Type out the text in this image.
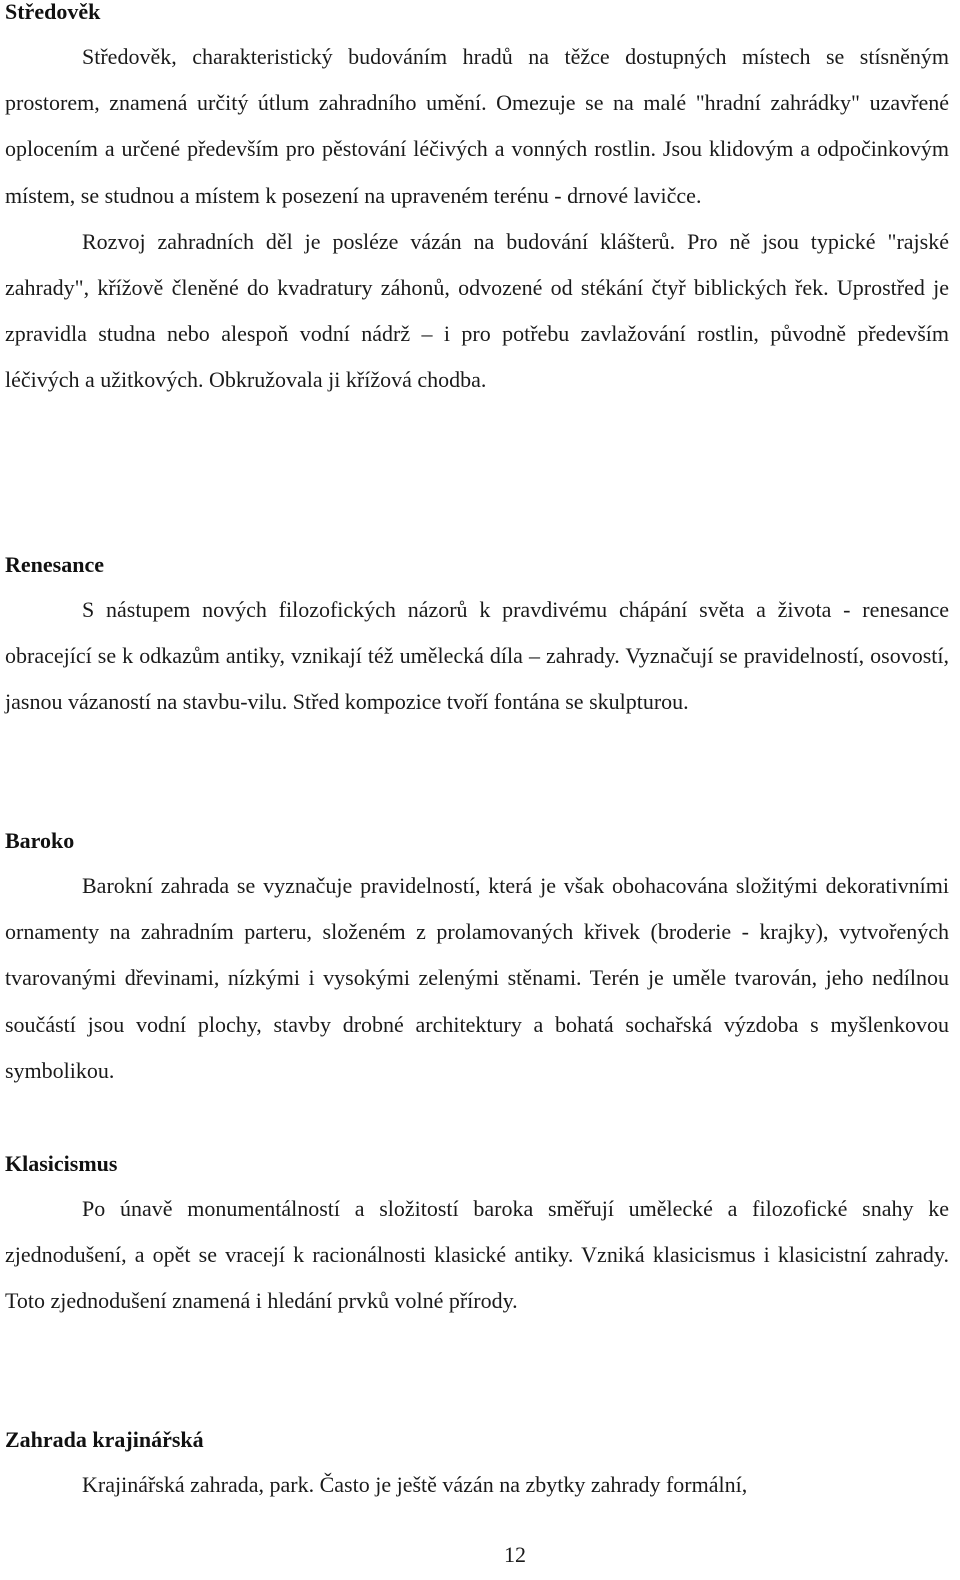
Středověk

Středověk, charakteristický budováním hradů na těžce dostupných místech se stísněným prostorem, znamená určitý útlum zahradního umění. Omezuje se na malé "hradní zahrádky" uzavřené oplocením a určené především pro pěstování léčivých a vonných rostlin. Jsou klidovým a odpočinkovým místem, se studnou a místem k posezení na upraveném terénu - drnové lavičce.

Rozvoj zahradních děl je posléze vázán na budování klášterů. Pro ně jsou typické "rajské zahrady", křížově členěné do kvadratury záhonů, odvozené od stékání čtyř biblických řek. Uprostřed je zpravidla studna nebo alespoň vodní nádrž – i pro potřebu zavlažování rostlin, původně především léčivých a užitkových. Obkružovala ji křížová chodba.

Renesance

S nástupem nových filozofických názorů k pravdivému chápání světa a života - renesance obracející se k odkazům antiky, vznikají též umělecká díla – zahrady. Vyznačují se pravidelností, osovostí, jasnou vázaností na stavbu-vilu. Střed kompozice tvoří fontána se skulpturou.

Baroko

Barokní zahrada se vyznačuje pravidelností, která je však obohacována složitými dekorativními ornamenty na zahradním parteru, složeném z prolamovaných křivek (broderie - krajky), vytvořených tvarovanými dřevinami, nízkými i vysokými zelenými stěnami. Terén je uměle tvarován, jeho nedílnou součástí jsou vodní plochy, stavby drobné architektury a bohatá sochařská výzdoba s myšlenkovou symbolikou.

Klasicismus

Po únavě monumentálností a složitostí baroka směřují umělecké a filozofické snahy ke zjednodušení, a opět se vracejí k racionálnosti klasické antiky. Vzniká klasicismus i klasicistní zahrady. Toto zjednodušení znamená i hledání prvků volné přírody.

Zahrada krajinářská

Krajinářská zahrada, park. Často je ještě vázán na zbytky zahrady formální,

12
